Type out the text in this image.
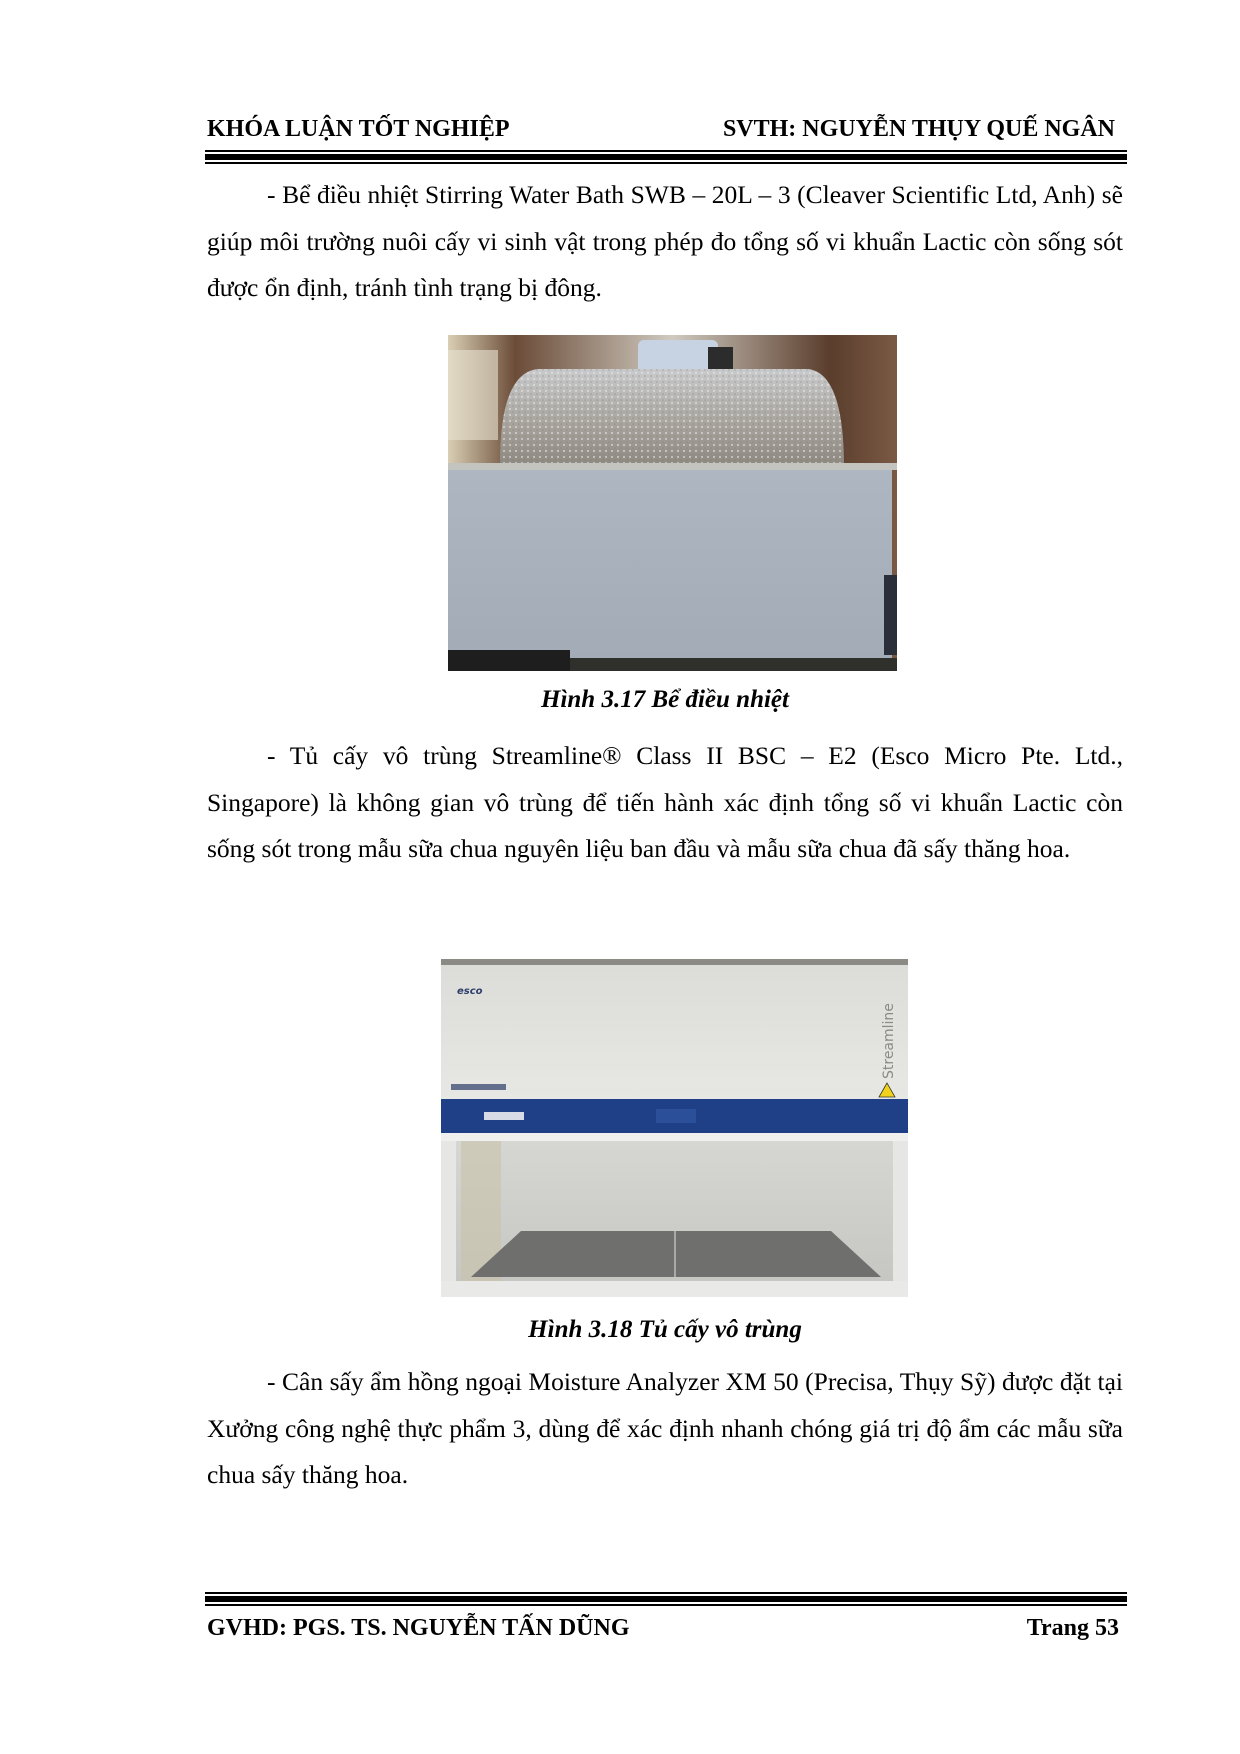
KHÓA LUẬN TỐT NGHIỆP	SVTH: NGUYỄN THỤY QUẾ NGÂN

- Bể điều nhiệt Stirring Water Bath SWB – 20L – 3 (Cleaver Scientific Ltd, Anh) sẽ giúp môi trường nuôi cấy vi sinh vật trong phép đo tổng số vi khuẩn Lactic còn sống sót được ổn định, tránh tình trạng bị đông.

Hình 3.17 Bể điều nhiệt

- Tủ cấy vô trùng Streamline® Class II BSC – E2 (Esco Micro Pte. Ltd., Singapore) là không gian vô trùng để tiến hành xác định tổng số vi khuẩn Lactic còn sống sót trong mẫu sữa chua nguyên liệu ban đầu và mẫu sữa chua đã sấy thăng hoa.

esco
Streamline
Hình 3.18 Tủ cấy vô trùng

- Cân sấy ẩm hồng ngoại Moisture Analyzer XM 50 (Precisa, Thụy Sỹ) được đặt tại Xưởng công nghệ thực phẩm 3, dùng để xác định nhanh chóng giá trị độ ẩm các mẫu sữa chua sấy thăng hoa.

GVHD: PGS. TS. NGUYỄN TẤN DŨNG	Trang 53
